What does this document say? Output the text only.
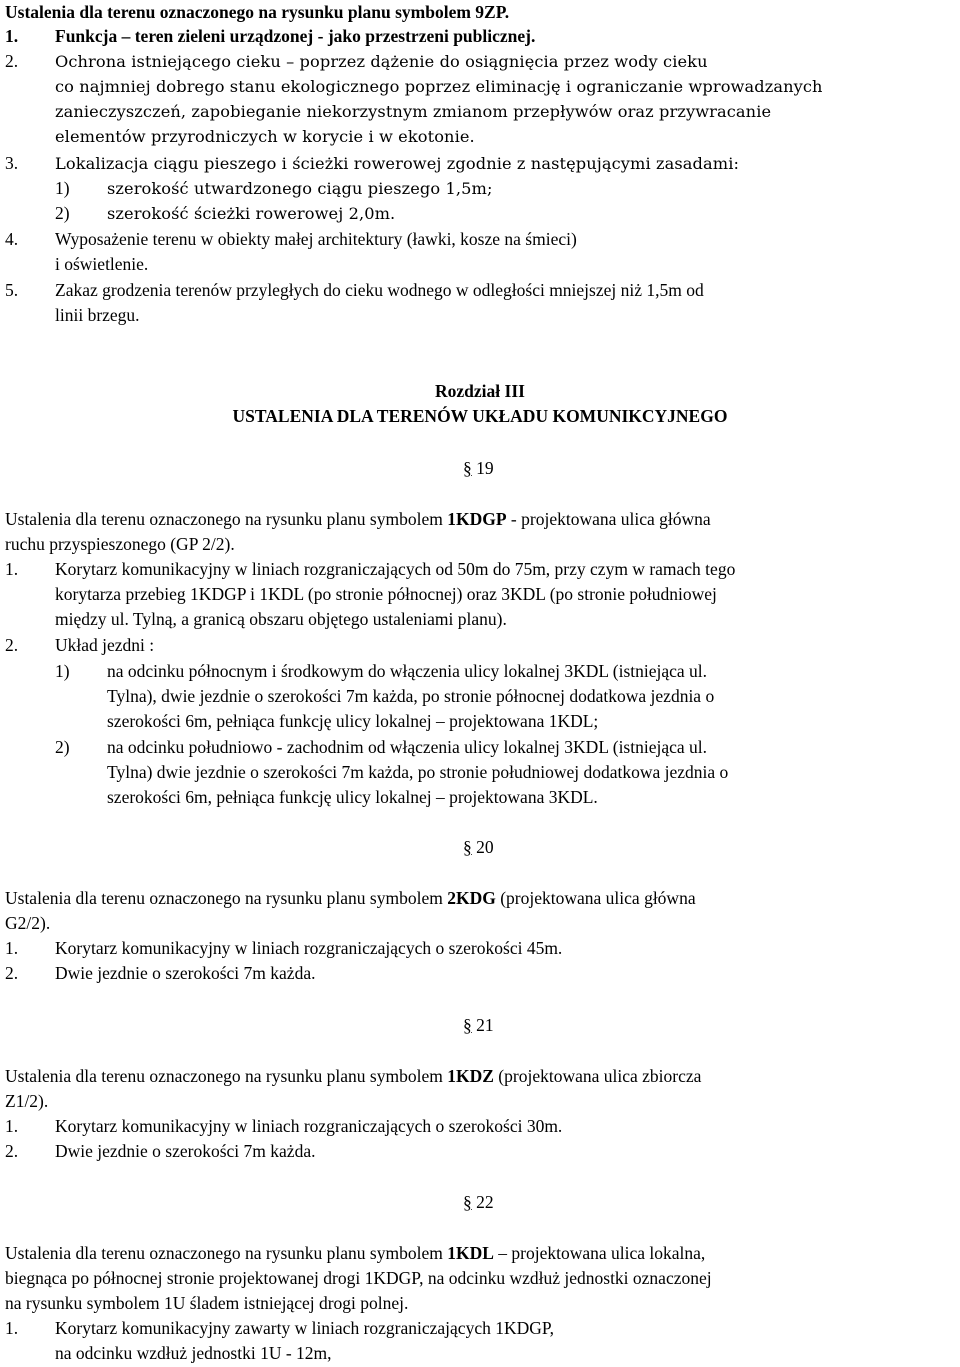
Ustalenia dla terenu oznaczonego na rysunku planu symbolem 9ZP.
1. Funkcja – teren zieleni urządzonej - jako przestrzeni publicznej.
2. Ochrona istniejącego cieku – poprzez dążenie do osiągnięcia przez wody cieku
co najmniej dobrego stanu ekologicznego poprzez eliminację i ograniczanie wprowadzanych
zanieczyszczeń, zapobieganie niekorzystnym zmianom przepływów oraz przywracanie
elementów przyrodniczych w korycie i w ekotonie.
3. Lokalizacja ciągu pieszego i ścieżki rowerowej zgodnie z następującymi zasadami:
1) szerokość utwardzonego ciągu pieszego 1,5m;
2) szerokość ścieżki rowerowej 2,0m.
4. Wyposażenie terenu w obiekty małej architektury (ławki, kosze na śmieci)
i oświetlenie.
5. Zakaz grodzenia terenów przyległych do cieku wodnego w odległości mniejszej niż 1,5m od
linii brzegu.
Rozdział III
USTALENIA DLA TERENÓW UKŁADU KOMUNIKCYJNEGO
§ 19
Ustalenia dla terenu oznaczonego na rysunku planu symbolem 1KDGP - projektowana ulica główna
ruchu przyspieszonego (GP 2/2).
1. Korytarz komunikacyjny w liniach rozgraniczających od 50m do 75m, przy czym w ramach tego
korytarza przebieg 1KDGP i 1KDL (po stronie północnej) oraz 3KDL (po stronie południowej
między ul. Tylną, a granicą obszaru objętego ustaleniami planu).
2. Układ jezdni :
1) na odcinku północnym i środkowym do włączenia ulicy lokalnej 3KDL (istniejąca ul.
Tylna), dwie jezdnie o szerokości 7m każda, po stronie północnej dodatkowa jezdnia o
szerokości 6m, pełniąca funkcję ulicy lokalnej – projektowana 1KDL;
2) na odcinku południowo - zachodnim od włączenia ulicy lokalnej 3KDL (istniejąca ul.
Tylna) dwie jezdnie o szerokości 7m każda, po stronie południowej dodatkowa jezdnia o
szerokości 6m, pełniąca funkcję ulicy lokalnej – projektowana 3KDL.
§ 20
Ustalenia dla terenu oznaczonego na rysunku planu symbolem 2KDG (projektowana ulica główna
G2/2).
1. Korytarz komunikacyjny w liniach rozgraniczających o szerokości 45m.
2. Dwie jezdnie o szerokości 7m każda.
§ 21
Ustalenia dla terenu oznaczonego na rysunku planu symbolem 1KDZ (projektowana ulica zbiorcza
Z1/2).
1. Korytarz komunikacyjny w liniach rozgraniczających o szerokości 30m.
2. Dwie jezdnie o szerokości 7m każda.
§ 22
Ustalenia dla terenu oznaczonego na rysunku planu symbolem 1KDL – projektowana ulica lokalna,
biegnąca po północnej stronie projektowanej drogi 1KDGP, na odcinku wzdłuż jednostki oznaczonej
na rysunku symbolem 1U śladem istniejącej drogi polnej.
1. Korytarz komunikacyjny zawarty w liniach rozgraniczających 1KDGP,
na odcinku wzdłuż jednostki 1U - 12m,
